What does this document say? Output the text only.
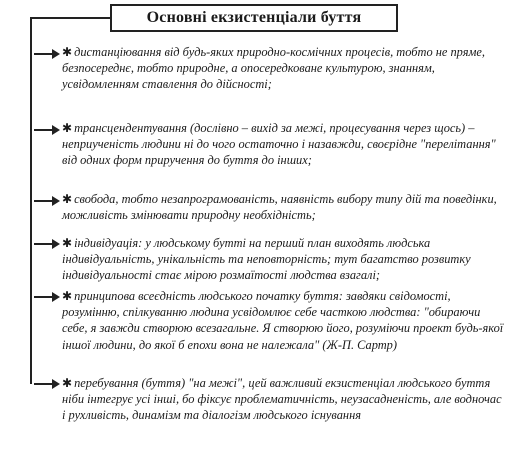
Основні екзистенціали буття
✱ дистанціювання від будь-яких природно-космічних процесів, тобто не пряме, безпосереднє, тобто природне, а опосередковане культурою, знанням, усвідомленням ставлення до дійсності;
✱ трансцендентування (дослівно – вихід за межі, процесування через щось) – неприученість людини ні до чого остаточно і назавжди, своєрідне "перелітання" від одних форм приручення до буття до інших;
✱ свобода, тобто незапрограмованість, наявність вибору типу дій та поведінки, можливість змінювати природну необхідність;
✱ індивідуація: у людському бутті на перший план виходять людська індивідуальність, унікальність та неповторність; тут багатство розвитку індивідуальності стає мірою розмаїтості людства взагалі;
✱ принципова всеєдність людського початку буття: завдяки свідомості, розумінню, спілкуванню людина усвідомлює себе часткою людства: "обираючи себе, я завжди створюю всезагальне. Я створюю його, розуміючи проект будь-якої іншої людини, до якої б епохи вона не належала" (Ж-П. Сартр)
✱ перебування (буття) "на межі", цей важливий екзистенціал людського буття ніби інтегрує усі інші, бо фіксує проблематичність, неузасадненість, але водночас і рухливість, динамізм та діалогізм людського існування
